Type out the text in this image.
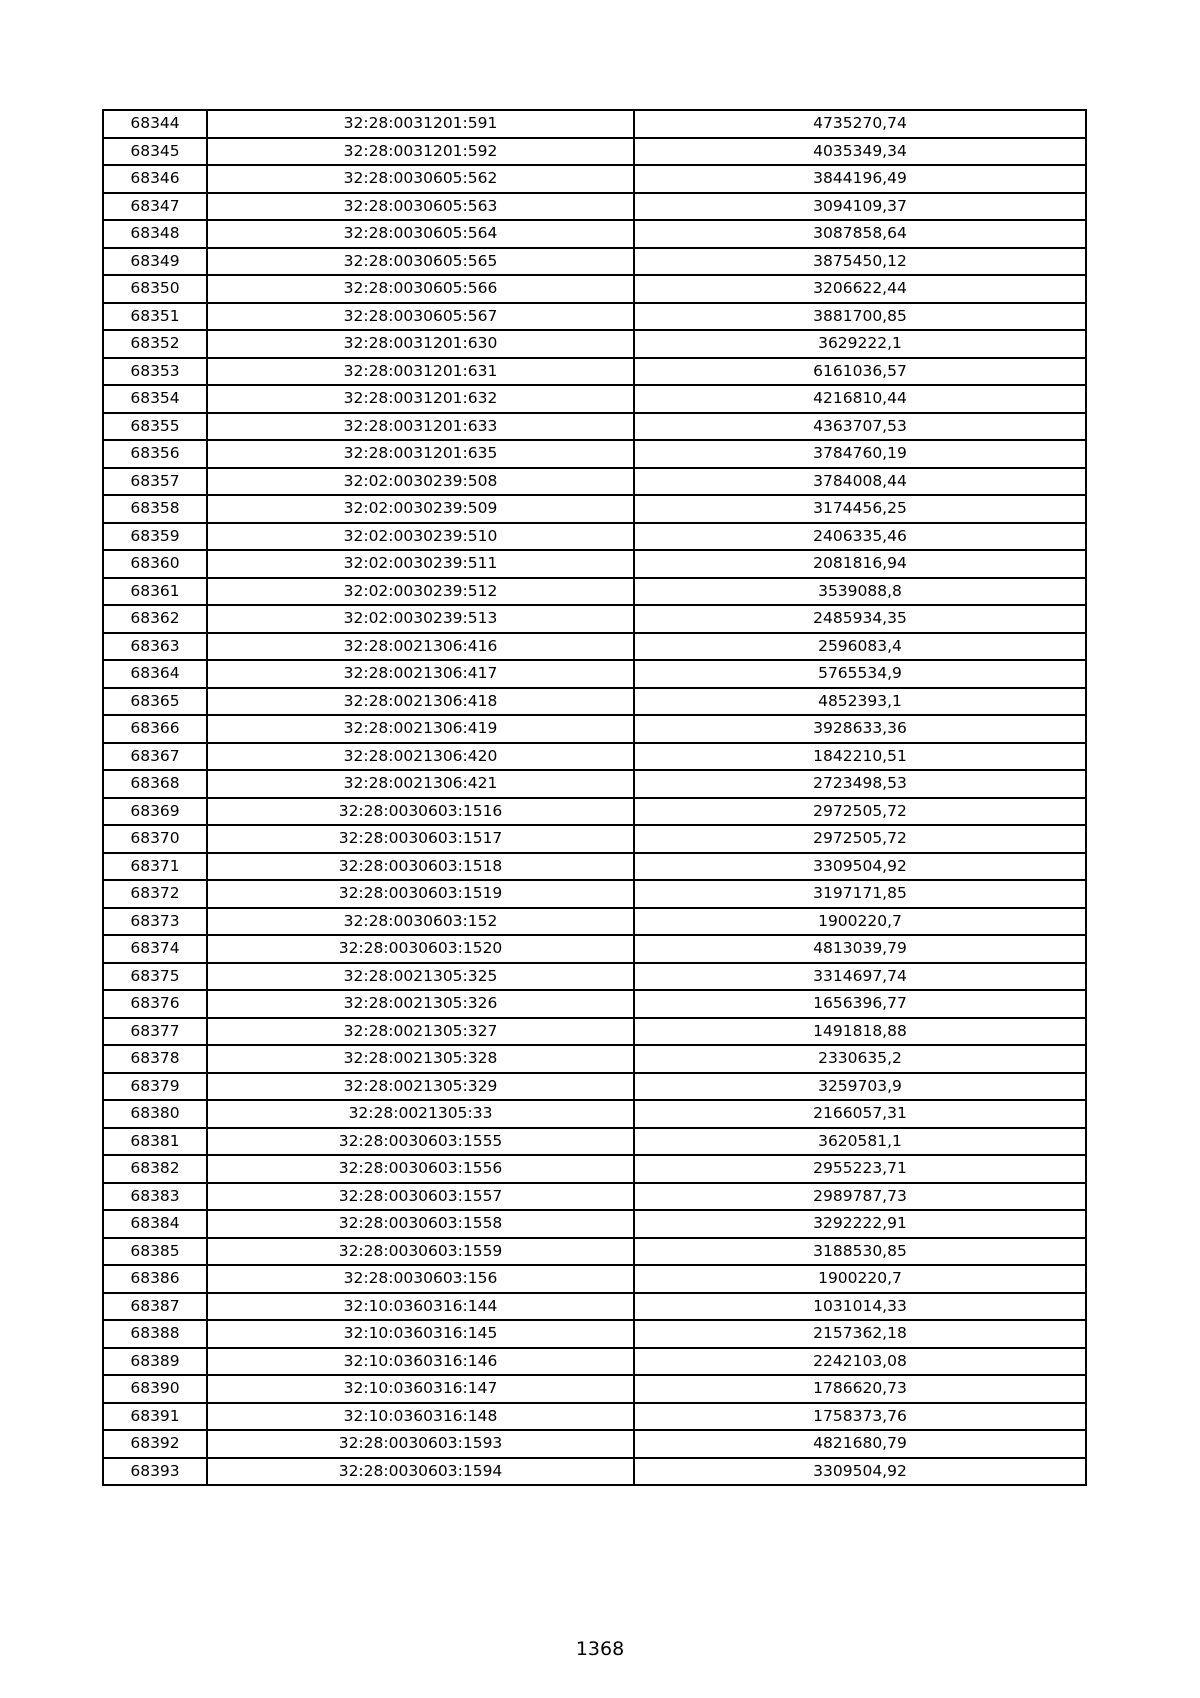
68344	32:28:0031201:591	4735270,74
68345	32:28:0031201:592	4035349,34
68346	32:28:0030605:562	3844196,49
68347	32:28:0030605:563	3094109,37
68348	32:28:0030605:564	3087858,64
68349	32:28:0030605:565	3875450,12
68350	32:28:0030605:566	3206622,44
68351	32:28:0030605:567	3881700,85
68352	32:28:0031201:630	3629222,1
68353	32:28:0031201:631	6161036,57
68354	32:28:0031201:632	4216810,44
68355	32:28:0031201:633	4363707,53
68356	32:28:0031201:635	3784760,19
68357	32:02:0030239:508	3784008,44
68358	32:02:0030239:509	3174456,25
68359	32:02:0030239:510	2406335,46
68360	32:02:0030239:511	2081816,94
68361	32:02:0030239:512	3539088,8
68362	32:02:0030239:513	2485934,35
68363	32:28:0021306:416	2596083,4
68364	32:28:0021306:417	5765534,9
68365	32:28:0021306:418	4852393,1
68366	32:28:0021306:419	3928633,36
68367	32:28:0021306:420	1842210,51
68368	32:28:0021306:421	2723498,53
68369	32:28:0030603:1516	2972505,72
68370	32:28:0030603:1517	2972505,72
68371	32:28:0030603:1518	3309504,92
68372	32:28:0030603:1519	3197171,85
68373	32:28:0030603:152	1900220,7
68374	32:28:0030603:1520	4813039,79
68375	32:28:0021305:325	3314697,74
68376	32:28:0021305:326	1656396,77
68377	32:28:0021305:327	1491818,88
68378	32:28:0021305:328	2330635,2
68379	32:28:0021305:329	3259703,9
68380	32:28:0021305:33	2166057,31
68381	32:28:0030603:1555	3620581,1
68382	32:28:0030603:1556	2955223,71
68383	32:28:0030603:1557	2989787,73
68384	32:28:0030603:1558	3292222,91
68385	32:28:0030603:1559	3188530,85
68386	32:28:0030603:156	1900220,7
68387	32:10:0360316:144	1031014,33
68388	32:10:0360316:145	2157362,18
68389	32:10:0360316:146	2242103,08
68390	32:10:0360316:147	1786620,73
68391	32:10:0360316:148	1758373,76
68392	32:28:0030603:1593	4821680,79
68393	32:28:0030603:1594	3309504,92
1368
